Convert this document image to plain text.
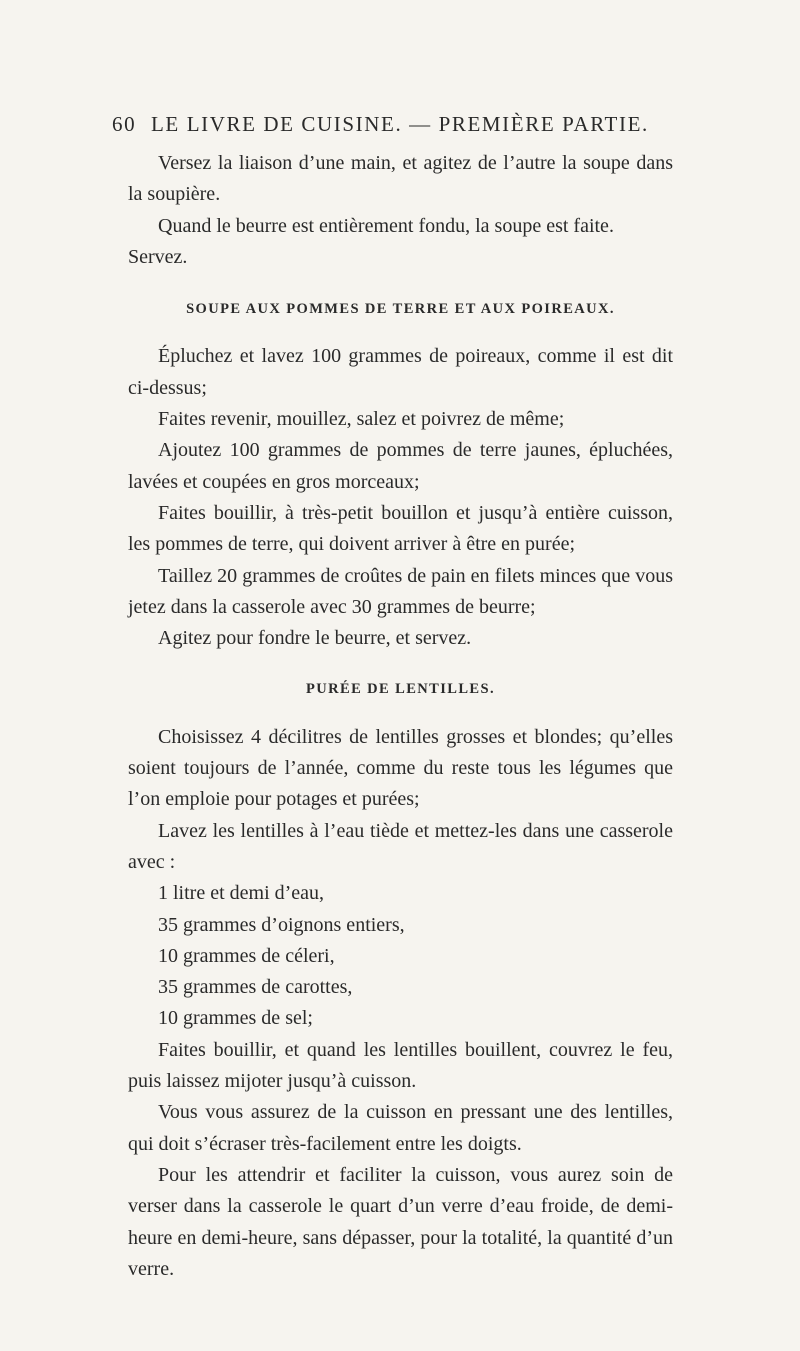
60 LE LIVRE DE CUISINE. — PREMIÈRE PARTIE.

Versez la liaison d’une main, et agitez de l’autre la soupe dans la soupière.

Quand le beurre est entièrement fondu, la soupe est faite.

Servez.

SOUPE AUX POMMES DE TERRE ET AUX POIREAUX.

Épluchez et lavez 100 grammes de poireaux, comme il est dit ci-dessus;

Faites revenir, mouillez, salez et poivrez de même;

Ajoutez 100 grammes de pommes de terre jaunes, épluchées, lavées et coupées en gros morceaux;

Faites bouillir, à très-petit bouillon et jusqu’à entière cuisson, les pommes de terre, qui doivent arriver à être en purée;

Taillez 20 grammes de croûtes de pain en filets minces que vous jetez dans la casserole avec 30 grammes de beurre;

Agitez pour fondre le beurre, et servez.

PURÉE DE LENTILLES.

Choisissez 4 décilitres de lentilles grosses et blondes; qu’elles soient toujours de l’année, comme du reste tous les légumes que l’on emploie pour potages et purées;

Lavez les lentilles à l’eau tiède et mettez-les dans une casserole avec :

1 litre et demi d’eau,

35 grammes d’oignons entiers,

10 grammes de céleri,

35 grammes de carottes,

10 grammes de sel;

Faites bouillir, et quand les lentilles bouillent, couvrez le feu, puis laissez mijoter jusqu’à cuisson.

Vous vous assurez de la cuisson en pressant une des lentilles, qui doit s’écraser très-facilement entre les doigts.

Pour les attendrir et faciliter la cuisson, vous aurez soin de verser dans la casserole le quart d’un verre d’eau froide, de demi-heure en demi-heure, sans dépasser, pour la totalité, la quantité d’un verre.
